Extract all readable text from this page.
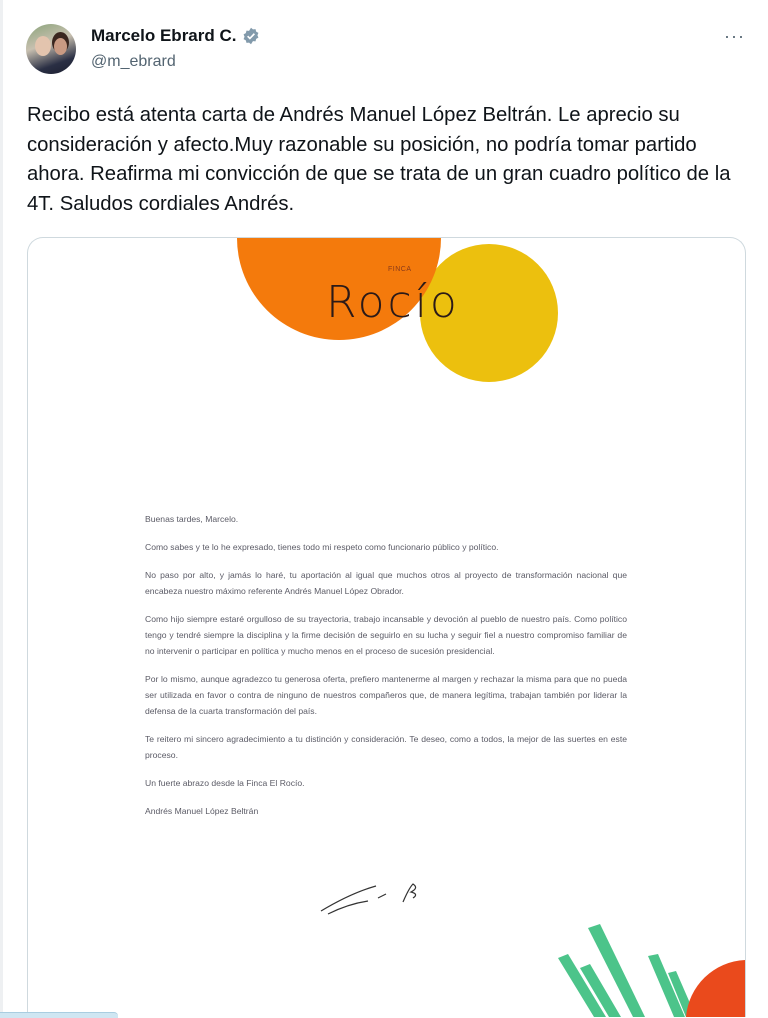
Marcelo Ebrard C.
@m_ebrard
···
Recibo está atenta carta de Andrés Manuel López Beltrán. Le aprecio su consideración y afecto.Muy razonable su posición, no podría tomar partido ahora. Reafirma mi convicción de que se trata de un gran cuadro político de la 4T. Saludos cordiales Andrés.
FINCA
Rocío

Buenas tardes, Marcelo.

Como sabes y te lo he expresado, tienes todo mi respeto como funcionario público y político.

No paso por alto, y jamás lo haré, tu aportación al igual que muchos otros al proyecto de transformación nacional que encabeza nuestro máximo referente Andrés Manuel López Obrador.

Como hijo siempre estaré orgulloso de su trayectoria, trabajo incansable y devoción al pueblo de nuestro país. Como político tengo y tendré siempre la disciplina y la firme decisión de seguirlo en su lucha y seguir fiel a nuestro compromiso familiar de no intervenir o participar en política y mucho menos en el proceso de sucesión presidencial.

Por lo mismo, aunque agradezco tu generosa oferta, prefiero mantenerme al margen y rechazar la misma para que no pueda ser utilizada en favor o contra de ninguno de nuestros compañeros que, de manera legítima, trabajan también por liderar la defensa de la cuarta transformación del país.

Te reitero mi sincero agradecimiento a tu distinción y consideración. Te deseo, como a todos, la mejor de las suertes en este proceso.

Un fuerte abrazo desde la Finca El Rocío.

Andrés Manuel López Beltrán
